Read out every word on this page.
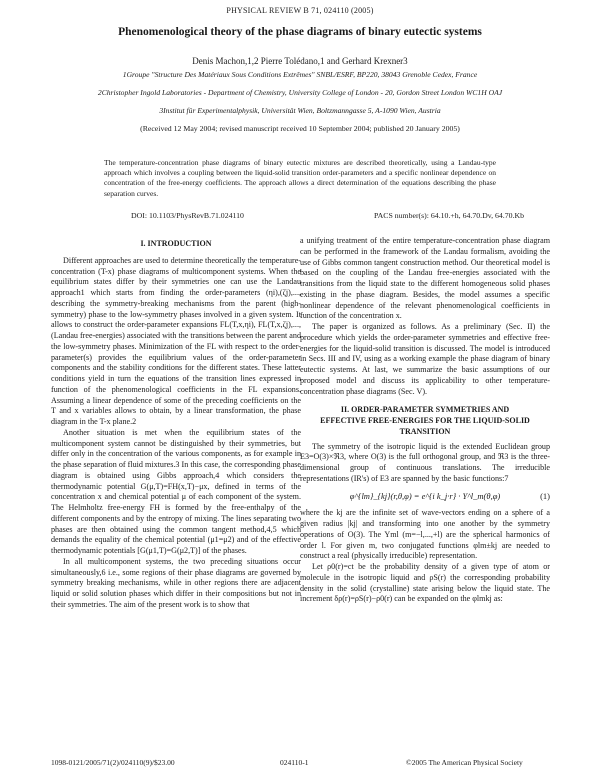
PHYSICAL REVIEW B 71, 024110 (2005)
Phenomenological theory of the phase diagrams of binary eutectic systems
Denis Machon,1,2 Pierre Tolédano,1 and Gerhard Krexner3
1Groupe "Structure Des Matériaux Sous Conditions Extrêmes" SNBL/ESRF, BP220, 38043 Grenoble Cedex, France
2Christopher Ingold Laboratories - Department of Chemistry, University College of London - 20, Gordon Street London WC1H OAJ
3Institut für Experimentalphysik, Universität Wien, Boltzmanngasse 5, A-1090 Wien, Austria
(Received 12 May 2004; revised manuscript received 10 September 2004; published 20 January 2005)
The temperature-concentration phase diagrams of binary eutectic mixtures are described theoretically, using a Landau-type approach which involves a coupling between the liquid-solid transition order-parameters and a specific nonlinear dependence on concentration of the free-energy coefficients. The approach allows a direct determination of the equations describing the phase separation curves.
DOI: 10.1103/PhysRevB.71.024110	PACS number(s): 64.10.+h, 64.70.Dv, 64.70.Kb
I. INTRODUCTION

Different approaches are used to determine theoretically the temperature-concentration (T-x) phase diagrams of multicomponent systems. When the equilibrium states differ by their symmetries one can use the Landau approach1 which starts from finding the order-parameters (ηi),(ζj),..., describing the symmetry-breaking mechanisms from the parent (high-symmetry) phase to the low-symmetry phases involved in a given system. It allows to construct the order-parameter expansions FL(T,x,ηi), FL(T,x,ζj),..., (Landau free-energies) associated with the transitions between the parent and the low-symmetry phases. Minimization of the FL with respect to the order-parameter(s) provides the equilibrium values of the order-parameter components and the stability conditions for the different states. These latter conditions yield in turn the equations of the transition lines expressed in function of the phenomenological coefficients in the FL expansions. Assuming a linear dependence of some of the preceding coefficients on the T and x variables allows to obtain, by a linear transformation, the phase diagram in the T-x plane.2

Another situation is met when the equilibrium states of the multicomponent system cannot be distinguished by their symmetries, but differ only in the concentration of the various components, as for example in the phase separation of fluid mixtures.3 In this case, the corresponding phase diagram is obtained using Gibbs approach,4 which considers the thermodynamic potential G(μ,T)=FH(x,T)−μx, defined in terms of the concentration x and chemical potential μ of each component of the system. The Helmholtz free-energy FH is formed by the free-enthalpy of the different components and by the entropy of mixing. The lines separating two phases are then obtained using the common tangent method,4,5 which demands the equality of the chemical potential (μ1=μ2) and of the effective thermodynamic potentials [G(μ1,T)=G(μ2,T)] of the phases.

In all multicomponent systems, the two preceding situations occur simultaneously,6 i.e., some regions of their phase diagrams are governed by symmetry breaking mechanisms, while in other regions there are adjacent liquid or solid solution phases which differ in their compositions but not in their symmetries. The aim of the present work is to show that

a unifying treatment of the entire temperature-concentration phase diagram can be performed in the framework of the Landau formalism, avoiding the use of Gibbs common tangent construction method. Our theoretical model is based on the coupling of the Landau free-energies associated with the transitions from the liquid state to the different homogeneous solid phases existing in the phase diagram. Besides, the model assumes a specific nonlinear dependence of the relevant phenomenological coefficients in function of the concentration x.

The paper is organized as follows. As a preliminary (Sec. II) the procedure which yields the order-parameter symmetries and effective free-energies for the liquid-solid transition is discussed. The model is introduced in Secs. III and IV, using as a working example the phase diagram of binary eutectic systems. At last, we summarize the basic assumptions of our proposed model and discuss its applicability to other temperature-concentration phase diagrams (Sec. V).

II. ORDER-PARAMETER SYMMETRIES AND
EFFECTIVE FREE-ENERGIES FOR THE LIQUID-SOLID
TRANSITION

The symmetry of the isotropic liquid is the extended Euclidean group E3=O(3)×ℜ3, where O(3) is the full orthogonal group, and ℜ3 is the three-dimensional group of continuous translations. The irreducible representations (IR's) of E3 are spanned by the basic functions:7

φ^{lm}_{kj}(r,θ,φ) = e^{i k_j·r} · Y^l_m(θ,φ)	(1)

where the kj are the infinite set of wave-vectors ending on a sphere of a given radius |kj| and transforming into one another by the symmetry operations of O(3). The Yml (m=−l,...,+l) are the spherical harmonics of order l. For given m, two conjugated functions φlm±kj are needed to construct a real (physically irreducible) representation.

Let ρ0(r)=ct be the probability density of a given type of atom or molecule in the isotropic liquid and ρS(r) the corresponding probability density in the solid (crystalline) state arising below the liquid state. The increment δρ(r)=ρS(r)−ρ0(r) can be expanded on the φlmkj as:

1098-0121/2005/71(2)/024110(9)/$23.00	024110-1	©2005 The American Physical Society
